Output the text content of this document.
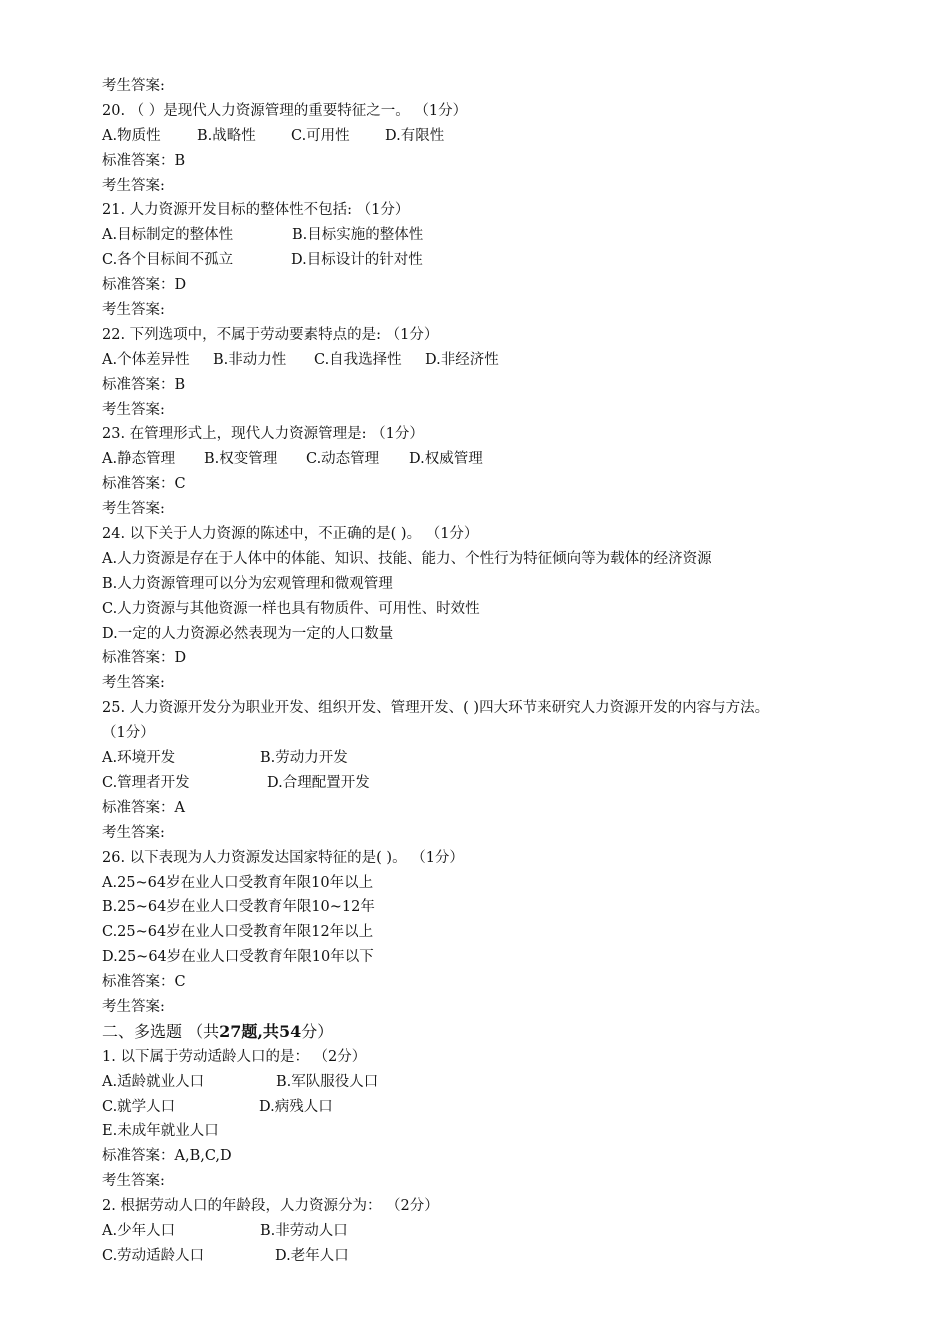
考生答案:
20. （ ）是现代人力资源管理的重要特征之一。 （1分）
A.物质性	B.战略性	C.可用性	D.有限性
标准答案：B
考生答案:
21. 人力资源开发目标的整体性不包括: （1分）
A.目标制定的整体性	B.目标实施的整体性
C.各个目标间不孤立	D.目标设计的针对性
标准答案：D
考生答案:
22. 下列选项中，不属于劳动要素特点的是: （1分）
A.个体差异性	B.非动力性	C.自我选择性	D.非经济性
标准答案：B
考生答案:
23. 在管理形式上，现代人力资源管理是: （1分）
A.静态管理	B.权变管理	C.动态管理	D.权威管理
标准答案：C
考生答案:
24. 以下关于人力资源的陈述中，不正确的是( )。 （1分）
A.人力资源是存在于人体中的体能、知识、技能、能力、个性行为特征倾向等为载体的经济资源
B.人力资源管理可以分为宏观管理和微观管理
C.人力资源与其他资源一样也具有物质件、可用性、时效性
D.一定的人力资源必然表现为一定的人口数量
标准答案：D
考生答案:
25. 人力资源开发分为职业开发、组织开发、管理开发、( )四大环节来研究人力资源开发的内容与方法。
（1分）
A.环境开发	B.劳动力开发
C.管理者开发	D.合理配置开发
标准答案：A
考生答案:
26. 以下表现为人力资源发达国家特征的是( )。 （1分）
A.25~64岁在业人口受教育年限10年以上
B.25~64岁在业人口受教育年限10~12年
C.25~64岁在业人口受教育年限12年以上
D.25~64岁在业人口受教育年限10年以下
标准答案：C
考生答案:
二、多选题 （共27题,共54分）
1. 以下属于劳动适龄人口的是： （2分）
A.适龄就业人口	B.军队服役人口
C.就学人口	D.病残人口
E.未成年就业人口
标准答案：A,B,C,D
考生答案:
2. 根据劳动人口的年龄段，人力资源分为： （2分）
A.少年人口	B.非劳动人口
C.劳动适龄人口	D.老年人口
